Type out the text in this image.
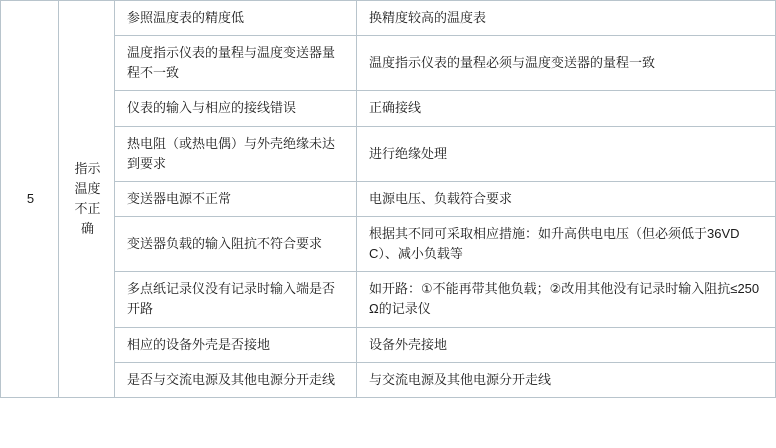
5	指示
温度
不正
确	参照温度表的精度低	换精度较高的温度表
		温度指示仪表的量程与温度变送器量程不一致	温度指示仪表的量程必须与温度变送器的量程一致
		仪表的输入与相应的接线错误	正确接线
		热电阻（或热电偶）与外壳绝缘未达到要求	进行绝缘处理
		变送器电源不正常	电源电压、负载符合要求
		变送器负载的输入阻抗不符合要求	根据其不同可采取相应措施：如升高供电电压（但必须低于36VDC）、减小负载等
		多点纸记录仪没有记录时输入端是否开路	如开路：①不能再带其他负载；②改用其他没有记录时输入阻抗≤250Ω的记录仪
		相应的设备外壳是否接地	设备外壳接地
		是否与交流电源及其他电源分开走线	与交流电源及其他电源分开走线
